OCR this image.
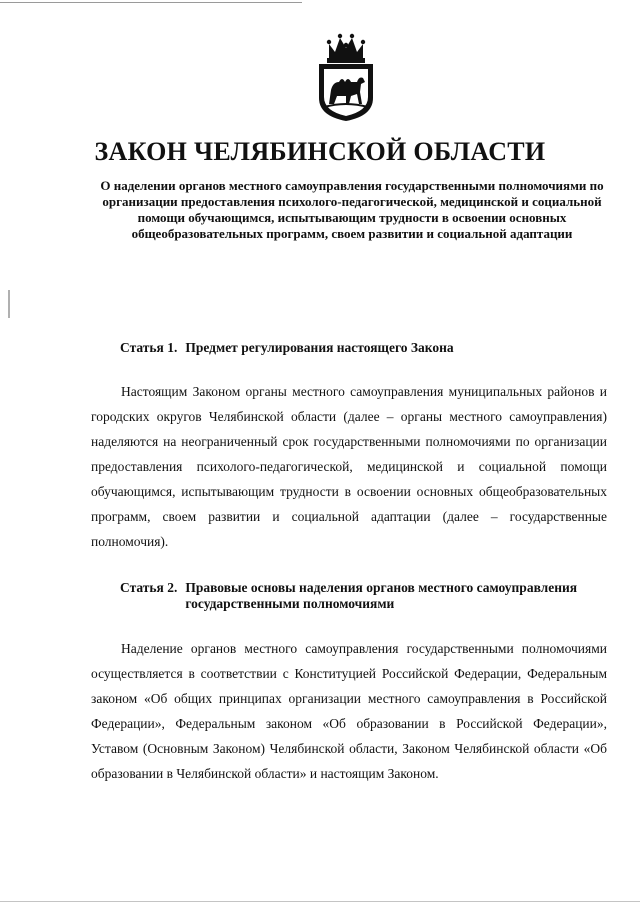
ЗАКОН ЧЕЛЯБИНСКОЙ ОБЛАСТИ

О наделении органов местного самоуправления государственными полномочиями по организации предоставления психолого-педагогической, медицинской и социальной помощи обучающимся, испытывающим трудности в освоении основных общеобразовательных программ, своем развитии и социальной адаптации

Статья 1. Предмет регулирования настоящего Закона

Настоящим Законом органы местного самоуправления муниципальных районов и городских округов Челябинской области (далее – органы местного самоуправления) наделяются на неограниченный срок государственными полномочиями по организации предоставления психолого-педагогической, медицинской и социальной помощи обучающимся, испытывающим трудности в освоении основных общеобразовательных программ, своем развитии и социальной адаптации (далее – государственные полномочия).

Статья 2. Правовые основы наделения органов местного самоуправления государственными полномочиями

Наделение органов местного самоуправления государственными полномочиями осуществляется в соответствии с Конституцией Российской Федерации, Федеральным законом «Об общих принципах организации местного самоуправления в Российской Федерации», Федеральным законом «Об образовании в Российской Федерации», Уставом (Основным Законом) Челябинской области, Законом Челябинской области «Об образовании в Челябинской области» и настоящим Законом.
